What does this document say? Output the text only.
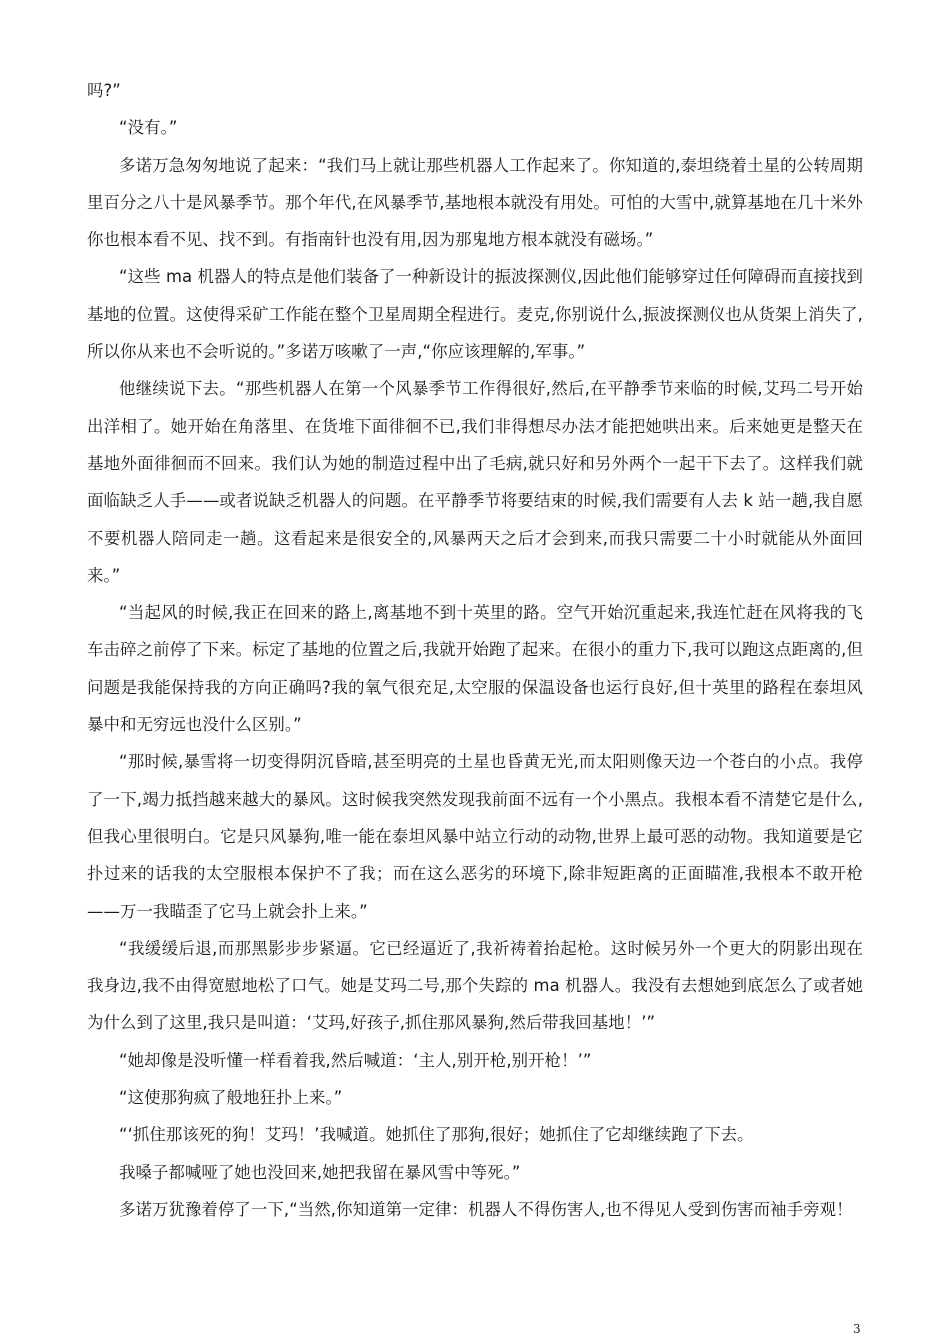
吗?”

“没有。”

多诺万急匆匆地说了起来：“我们马上就让那些机器人工作起来了。你知道的,泰坦绕着土星的公转周期里百分之八十是风暴季节。那个年代,在风暴季节,基地根本就没有用处。可怕的大雪中,就算基地在几十米外你也根本看不见、找不到。有指南针也没有用,因为那鬼地方根本就没有磁场。”

“这些 ma 机器人的特点是他们装备了一种新设计的振波探测仪,因此他们能够穿过任何障碍而直接找到基地的位置。这使得采矿工作能在整个卫星周期全程进行。麦克,你别说什么,振波探测仪也从货架上消失了,所以你从来也不会听说的。”多诺万咳嗽了一声,“你应该理解的,军事。”

他继续说下去。“那些机器人在第一个风暴季节工作得很好,然后,在平静季节来临的时候,艾玛二号开始出洋相了。她开始在角落里、在货堆下面徘徊不已,我们非得想尽办法才能把她哄出来。后来她更是整天在基地外面徘徊而不回来。我们认为她的制造过程中出了毛病,就只好和另外两个一起干下去了。这样我们就面临缺乏人手——或者说缺乏机器人的问题。在平静季节将要结束的时候,我们需要有人去 k 站一趟,我自愿不要机器人陪同走一趟。这看起来是很安全的,风暴两天之后才会到来,而我只需要二十小时就能从外面回来。”

“当起风的时候,我正在回来的路上,离基地不到十英里的路。空气开始沉重起来,我连忙赶在风将我的飞车击碎之前停了下来。标定了基地的位置之后,我就开始跑了起来。在很小的重力下,我可以跑这点距离的,但问题是我能保持我的方向正确吗?我的氧气很充足,太空服的保温设备也运行良好,但十英里的路程在泰坦风暴中和无穷远也没什么区别。”

“那时候,暴雪将一切变得阴沉昏暗,甚至明亮的土星也昏黄无光,而太阳则像天边一个苍白的小点。我停了一下,竭力抵挡越来越大的暴风。这时候我突然发现我前面不远有一个小黑点。我根本看不清楚它是什么,但我心里很明白。它是只风暴狗,唯一能在泰坦风暴中站立行动的动物,世界上最可恶的动物。我知道要是它扑过来的话我的太空服根本保护不了我；而在这么恶劣的环境下,除非短距离的正面瞄准,我根本不敢开枪——万一我瞄歪了它马上就会扑上来。”

“我缓缓后退,而那黑影步步紧逼。它已经逼近了,我祈祷着抬起枪。这时候另外一个更大的阴影出现在我身边,我不由得宽慰地松了口气。她是艾玛二号,那个失踪的 ma 机器人。我没有去想她到底怎么了或者她为什么到了这里,我只是叫道：‘艾玛,好孩子,抓住那风暴狗,然后带我回基地！’”

“她却像是没听懂一样看着我,然后喊道：‘主人,别开枪,别开枪！’”

“这使那狗疯了般地狂扑上来。”

“‘抓住那该死的狗！艾玛！’我喊道。她抓住了那狗,很好；她抓住了它却继续跑了下去。

我嗓子都喊哑了她也没回来,她把我留在暴风雪中等死。”

多诺万犹豫着停了一下,“当然,你知道第一定律：机器人不得伤害人,也不得见人受到伤害而袖手旁观！

3
